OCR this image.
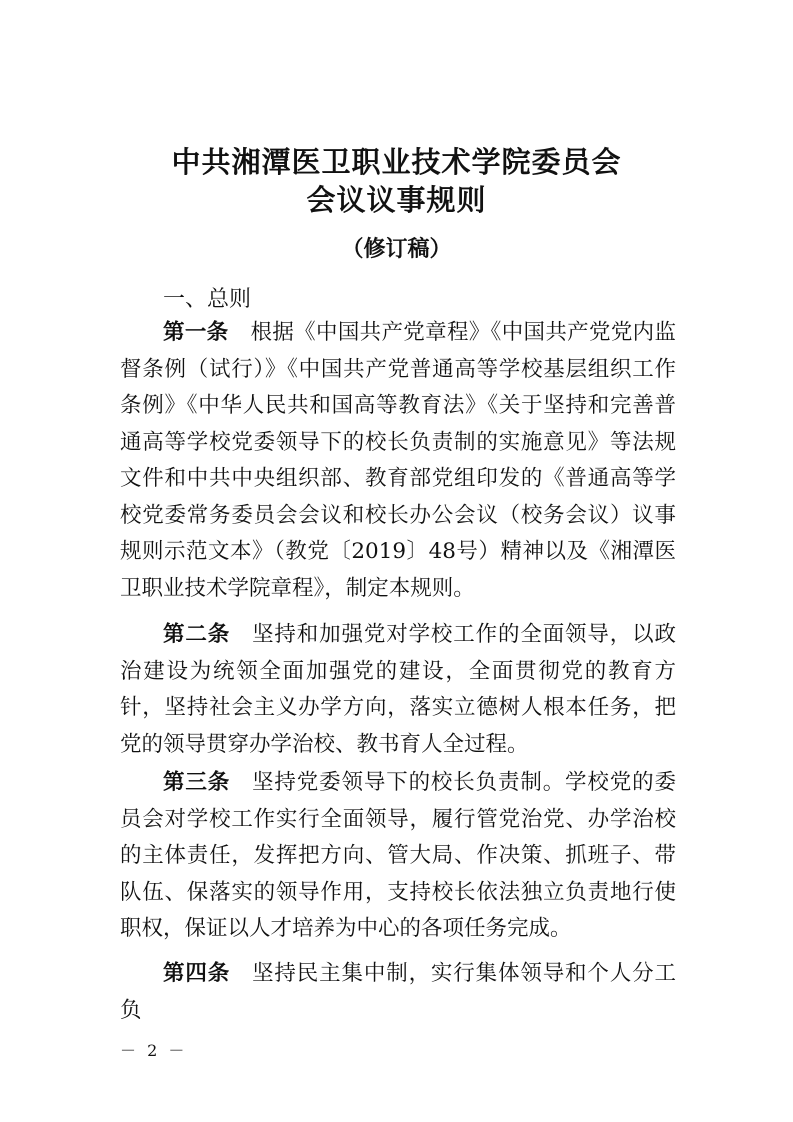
中共湘潭医卫职业技术学院委员会
会议议事规则
（修订稿）
一、总则

第一条 根据《中国共产党章程》《中国共产党党内监督条例（试行）》《中国共产党普通高等学校基层组织工作条例》《中华人民共和国高等教育法》《关于坚持和完善普通高等学校党委领导下的校长负责制的实施意见》等法规文件和中共中央组织部、教育部党组印发的《普通高等学校党委常务委员会会议和校长办公会议（校务会议）议事规则示范文本》（教党〔2019〕48号）精神以及《湘潭医卫职业技术学院章程》，制定本规则。

第二条 坚持和加强党对学校工作的全面领导，以政治建设为统领全面加强党的建设，全面贯彻党的教育方针，坚持社会主义办学方向，落实立德树人根本任务，把党的领导贯穿办学治校、教书育人全过程。

第三条 坚持党委领导下的校长负责制。学校党的委员会对学校工作实行全面领导，履行管党治党、办学治校的主体责任，发挥把方向、管大局、作决策、抓班子、带队伍、保落实的领导作用，支持校长依法独立负责地行使职权，保证以人才培养为中心的各项任务完成。

第四条 坚持民主集中制，实行集体领导和个人分工负

－ 2 －
